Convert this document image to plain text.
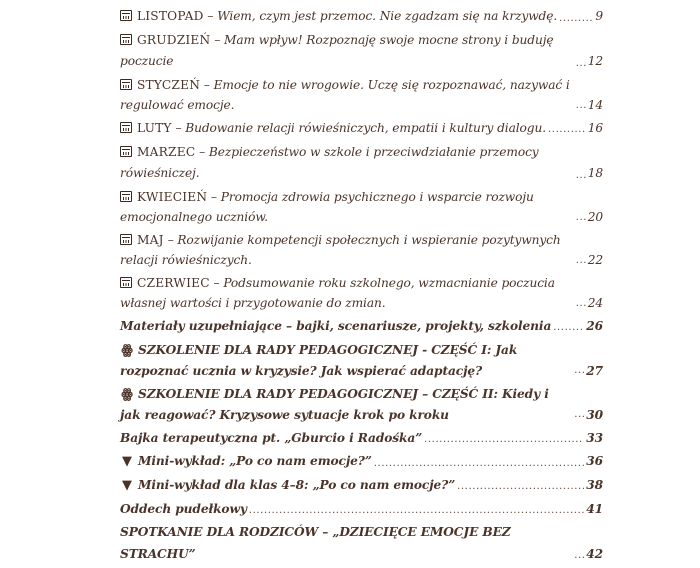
LISTOPAD – Wiem, czym jest przemoc. Nie zgadzam się na krzywdę. .....	9
GRUDZIEŃ – Mam wpływ! Rozpoznaję swoje mocne strony i buduję poczucie .....	12
STYCZEŃ – Emocje to nie wrogowie. Uczę się rozpoznawać, nazywać i regulować emocje. .....	14
LUTY – Budowanie relacji rówieśniczych, empatii i kultury dialogu. .....	16
MARZEC – Bezpieczeństwo w szkole i przeciwdziałanie przemocy rówieśniczej. .....	18
KWIECIEŃ – Promocja zdrowia psychicznego i wsparcie rozwoju emocjonalnego uczniów. .....	20
MAJ – Rozwijanie kompetencji społecznych i wspieranie pozytywnych relacji rówieśniczych. .....	22
CZERWIEC – Podsumowanie roku szkolnego, wzmacnianie poczucia własnej wartości i przygotowanie do zmian. .....	24
Materiały uzupełniające – bajki, scenariusze, projekty, szkolenia .....	26
ꙮ SZKOLENIE DLA RADY PEDAGOGICZNEJ - CZĘŚĆ I: Jak rozpoznać ucznia w kryzysie? Jak wspierać adaptację? .....	27
ꙮ SZKOLENIE DLA RADY PEDAGOGICZNEJ – CZĘŚĆ II: Kiedy i jak reagować? Kryzysowe sytuacje krok po kroku .....	30
Bajka terapeutyczna pt. „Gburcio i Radośka” .....	33
▼ Mini-wykład: „Po co nam emocje?” .....	36
▼ Mini-wykład dla klas 4–8: „Po co nam emocje?” .....	38
Oddech pudełkowy .....	41
SPOTKANIE DLA RODZICÓW – „DZIECIĘCE EMOCJE BEZ STRACHU” .....	42
